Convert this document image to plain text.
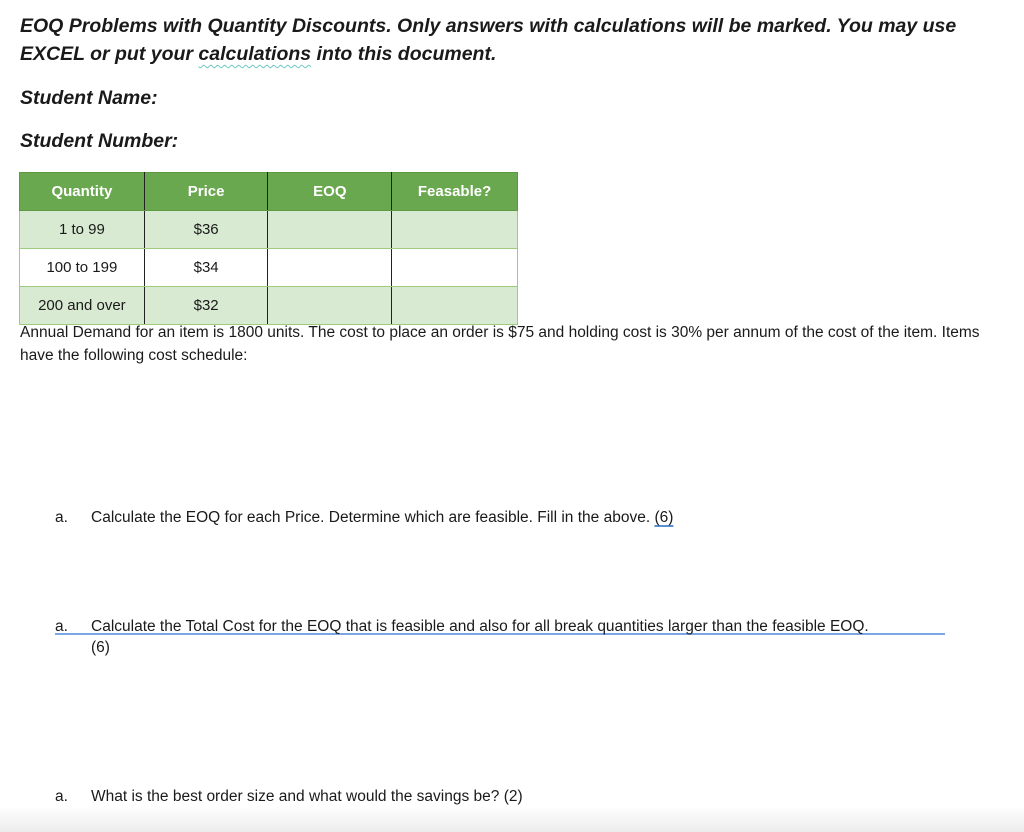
EOQ Problems with Quantity Discounts. Only answers with calculations will be marked. You may use EXCEL or put your calculations into this document.
Student Name:
Student Number:
Quantity	Price	EOQ	Feasable?
1 to 99	$36		
100 to 199	$34		
200 and over	$32		

Annual Demand for an item is 1800 units. The cost to place an order is $75 and holding cost is 30% per annum of the cost of the item. Items have the following cost schedule:

a. Calculate the EOQ for each Price. Determine which are feasible. Fill in the above. (6)
a. Calculate the Total Cost for the EOQ that is feasible and also for all break quantities larger than the feasible EOQ.
(6)
a. What is the best order size and what would the savings be? (2)
